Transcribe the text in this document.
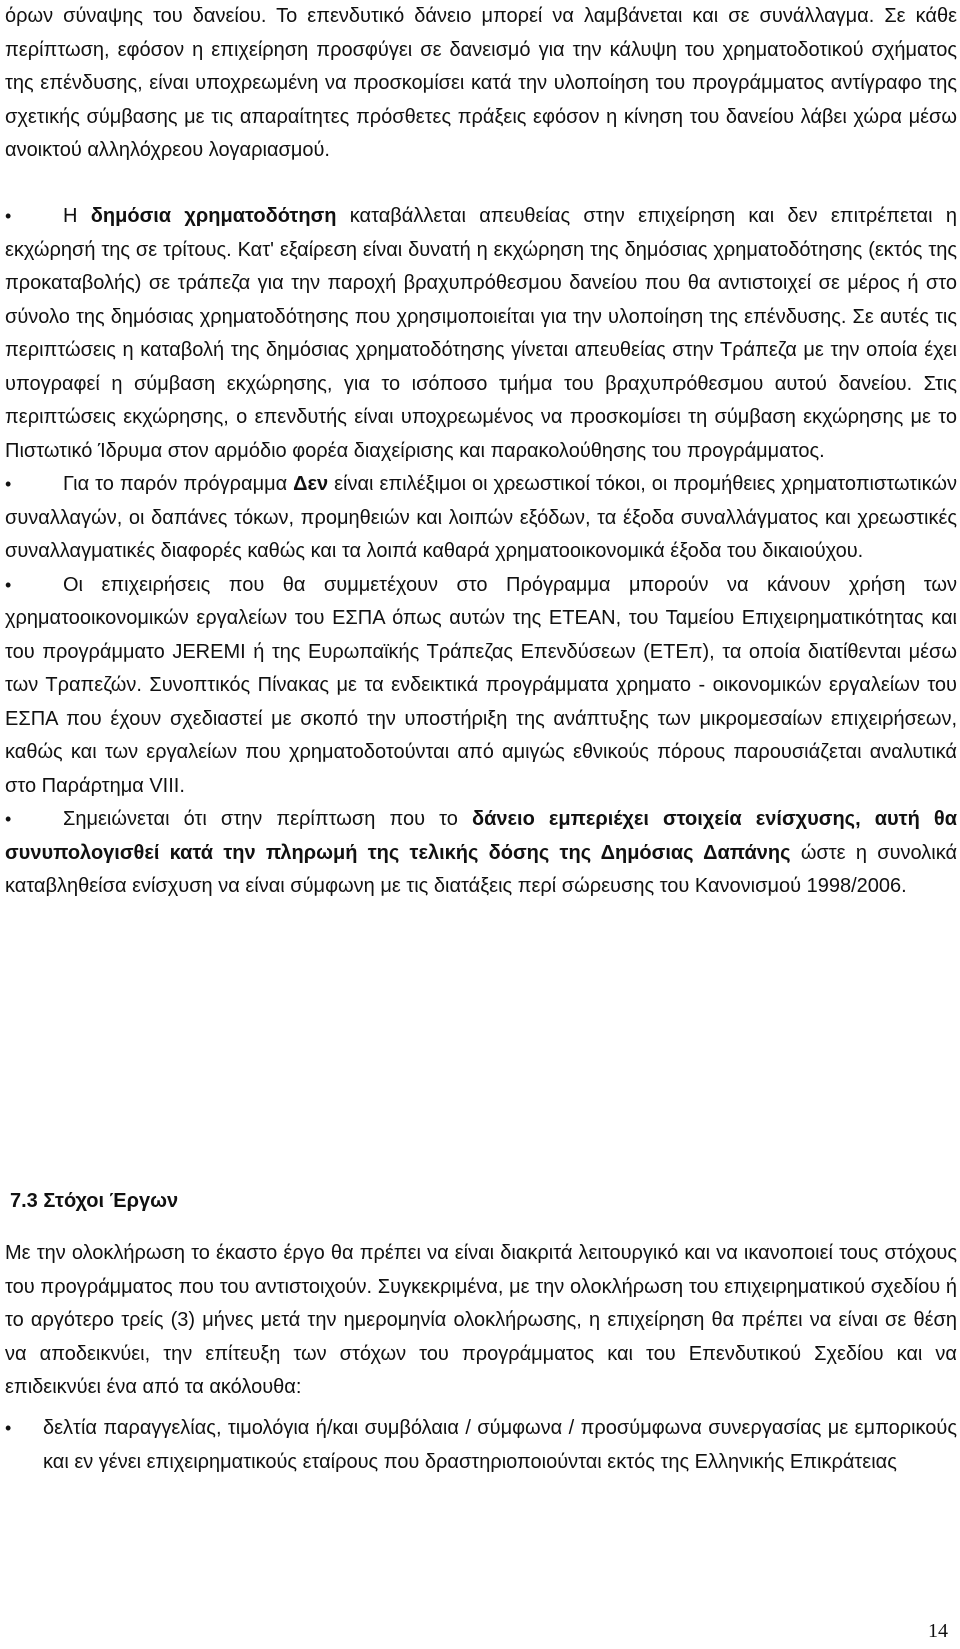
όρων σύναψης του δανείου. Το επενδυτικό δάνειο μπορεί να λαμβάνεται και σε συνάλλαγμα. Σε κάθε περίπτωση, εφόσον η επιχείρηση προσφύγει σε δανεισμό για την κάλυψη του χρηματοδοτικού σχήματος της επένδυσης, είναι υποχρεωμένη να προσκομίσει κατά την υλοποίηση του προγράμματος αντίγραφο της σχετικής σύμβασης με τις απαραίτητες πρόσθετες πράξεις εφόσον η κίνηση του δανείου λάβει χώρα μέσω ανοικτού αλληλόχρεου λογαριασμού.

•	Η δημόσια χρηματοδότηση καταβάλλεται απευθείας στην επιχείρηση και δεν επιτρέπεται η εκχώρησή της σε τρίτους. Κατ' εξαίρεση είναι δυνατή η εκχώρηση της δημόσιας χρηματοδότησης (εκτός της προκαταβολής) σε τράπεζα για την παροχή βραχυπρόθεσμου δανείου που θα αντιστοιχεί σε μέρος ή στο σύνολο της δημόσιας χρηματοδότησης που χρησιμοποιείται για την υλοποίηση της επένδυσης. Σε αυτές τις περιπτώσεις η καταβολή της δημόσιας χρηματοδότησης γίνεται απευθείας στην Τράπεζα με την οποία έχει υπογραφεί η σύμβαση εκχώρησης, για το ισόποσο τμήμα του βραχυπρόθεσμου αυτού δανείου. Στις περιπτώσεις εκχώρησης, ο επενδυτής είναι υποχρεωμένος να προσκομίσει τη σύμβαση εκχώρησης με το Πιστωτικό Ίδρυμα στον αρμόδιο φορέα διαχείρισης και παρακολούθησης του προγράμματος.
•	Για το παρόν πρόγραμμα Δεν είναι επιλέξιμοι οι χρεωστικοί τόκοι, οι προμήθειες χρηματοπιστωτικών συναλλαγών, οι δαπάνες τόκων, προμηθειών και λοιπών εξόδων, τα έξοδα συναλλάγματος και χρεωστικές συναλλαγματικές διαφορές καθώς και τα λοιπά καθαρά χρηματοοικονομικά έξοδα του δικαιούχου.
•	Οι επιχειρήσεις που θα συμμετέχουν στο Πρόγραμμα μπορούν να κάνουν χρήση των χρηματοοικονομικών εργαλείων του ΕΣΠΑ όπως αυτών της ΕΤΕΑΝ, του Ταμείου Επιχειρηματικότητας και του προγράμματο JEREMI ή της Ευρωπαϊκής Τράπεζας Επενδύσεων (ΕΤΕπ), τα οποία διατίθενται μέσω των Τραπεζών. Συνοπτικός Πίνακας με τα ενδεικτικά προγράμματα χρηματο - οικονομικών εργαλείων του ΕΣΠΑ που έχουν σχεδιαστεί με σκοπό την υποστήριξη της ανάπτυξης των μικρομεσαίων επιχειρήσεων, καθώς και των εργαλείων που χρηματοδοτούνται από αμιγώς εθνικούς πόρους παρουσιάζεται αναλυτικά στο Παράρτημα VIII.
•	Σημειώνεται ότι στην περίπτωση που το δάνειο εμπεριέχει στοιχεία ενίσχυσης, αυτή θα συνυπολογισθεί κατά την πληρωμή της τελικής δόσης της Δημόσιας Δαπάνης ώστε η συνολικά καταβληθείσα ενίσχυση να είναι σύμφωνη με τις διατάξεις περί σώρευσης του Κανονισμού 1998/2006.
7.3 Στόχοι Έργων

Με την ολοκλήρωση το έκαστο έργο θα πρέπει να είναι διακριτά λειτουργικό και να ικανοποιεί τους στόχους του προγράμματος που του αντιστοιχούν. Συγκεκριμένα, με την ολοκλήρωση του επιχειρηματικού σχεδίου ή το αργότερο τρείς (3) μήνες μετά την ημερομηνία ολοκλήρωσης, η επιχείρηση θα πρέπει να είναι σε θέση να αποδεικνύει, την επίτευξη των στόχων του προγράμματος και του Επενδυτικού Σχεδίου και να επιδεικνύει ένα από τα ακόλουθα:

• δελτία παραγγελίας, τιμολόγια ή/και συμβόλαια / σύμφωνα / προσύμφωνα συνεργασίας με εμπορικούς και εν γένει επιχειρηματικούς εταίρους που δραστηριοποιούνται εκτός της Ελληνικής Επικράτειας
14
